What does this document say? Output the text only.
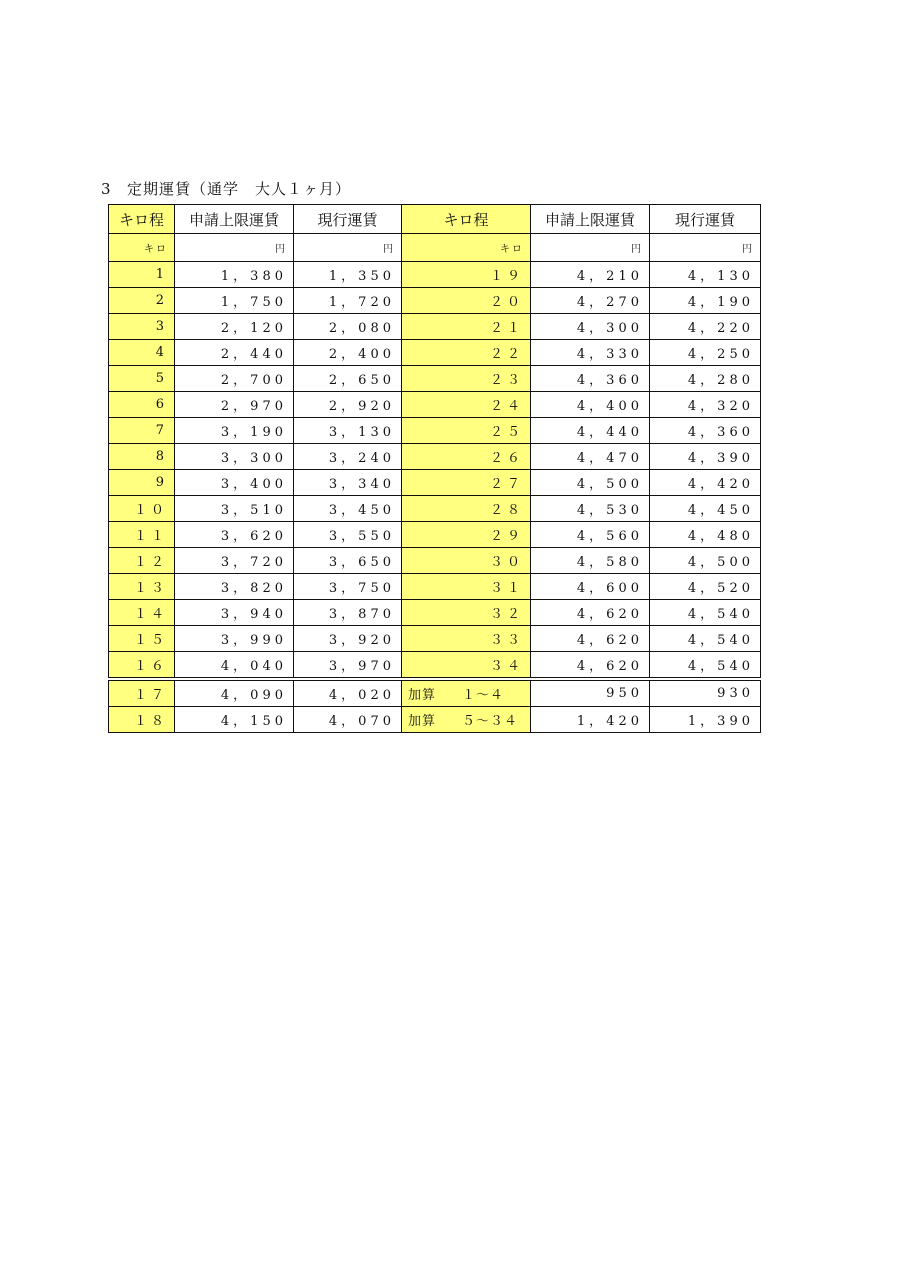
3 定期運賃（通学　大人１ヶ月）
キロ程	申請上限運賃	現行運賃	キロ程	申請上限運賃	現行運賃
キロ	円	円	キロ	円	円
1	1，380	1，350	１９	4，210	4，130
2	1，750	1，720	２０	4，270	4，190
3	2，120	2，080	２１	4，300	4，220
4	2，440	2，400	２２	4，330	4，250
5	2，700	2，650	２３	4，360	4，280
6	2，970	2，920	２４	4，400	4，320
7	3，190	3，130	２５	4，440	4，360
8	3，300	3，240	２６	4，470	4，390
9	3，400	3，340	２７	4，500	4，420
１０	3，510	3，450	２８	4，530	4，450
１１	3，620	3，550	２９	4，560	4，480
１２	3，720	3，650	３０	4，580	4，500
１３	3，820	3，750	３１	4，600	4，520
１４	3，940	3，870	３２	4，620	4，540
１５	3，990	3，920	３３	4，620	4，540
１６	4，040	3，970	３４	4，620	4，540
１７	4，090	4，020	加算 １～４	950	930
１８	4，150	4，070	加算 ５～３４	1，420	1，390
